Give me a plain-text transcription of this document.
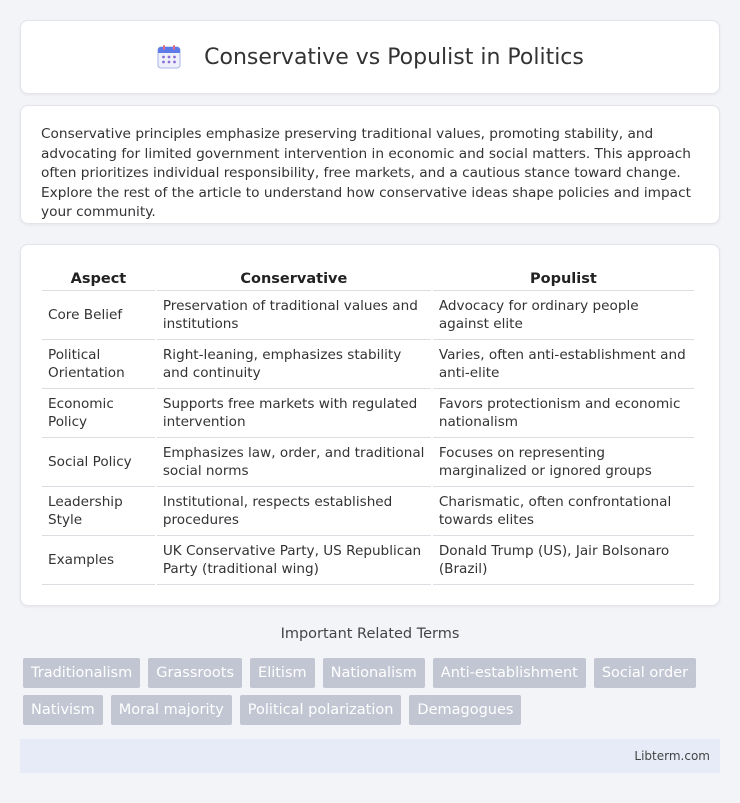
Conservative vs Populist in Politics

Conservative principles emphasize preserving traditional values, promoting stability, and advocating for limited government intervention in economic and social matters. This approach often prioritizes individual responsibility, free markets, and a cautious stance toward change. Explore the rest of the article to understand how conservative ideas shape policies and impact your community.

Aspect	Conservative	Populist
Core Belief	Preservation of traditional values and institutions	Advocacy for ordinary people against elite
Political Orientation	Right-leaning, emphasizes stability and continuity	Varies, often anti-establishment and anti-elite
Economic Policy	Supports free markets with regulated intervention	Favors protectionism and economic nationalism
Social Policy	Emphasizes law, order, and traditional social norms	Focuses on representing marginalized or ignored groups
Leadership Style	Institutional, respects established procedures	Charismatic, often confrontational towards elites
Examples	UK Conservative Party, US Republican Party (traditional wing)	Donald Trump (US), Jair Bolsonaro (Brazil)
Important Related Terms
Traditionalism	Grassroots	Elitism	Nationalism	Anti-establishment	Social order
Nativism	Moral majority	Political polarization	Demagogues
Libterm.com
